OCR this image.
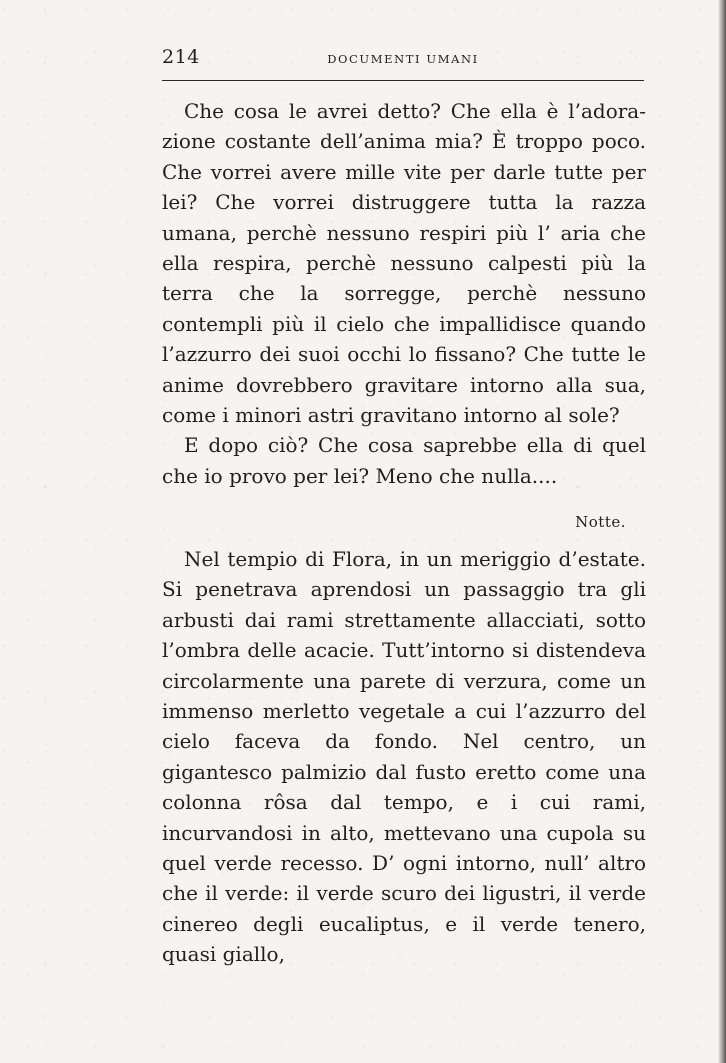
214	DOCUMENTI UMANI

Che cosa le avrei detto? Che ella è l’adorazione costante dell’anima mia? È troppo poco. Che vorrei avere mille vite per darle tutte per lei? Che vorrei distruggere tutta la razza umana, perchè nessuno respiri più l’ aria che ella respira, perchè nessuno calpesti più la terra che la sorregge, perchè nessuno contempli più il cielo che impallidisce quando l’azzurro dei suoi occhi lo fissano? Che tutte le anime dovrebbero gravitare intorno alla sua, come i minori astri gravitano intorno al sole?

E dopo ciò? Che cosa saprebbe ella di quel che io provo per lei? Meno che nulla....

Notte.

Nel tempio di Flora, in un meriggio d’estate. Si penetrava aprendosi un passaggio tra gli arbusti dai rami strettamente allacciati, sotto l’ombra delle acacie. Tutt’intorno si distendeva circolarmente una parete di verzura, come un immenso merletto vegetale a cui l’azzurro del cielo faceva da fondo. Nel centro, un gigantesco palmizio dal fusto eretto come una colonna rôsa dal tempo, e i cui rami, incurvandosi in alto, mettevano una cupola su quel verde recesso. D’ ogni intorno, null’ altro che il verde: il verde scuro dei ligustri, il verde cinereo degli eucaliptus, e il verde tenero, quasi giallo,
